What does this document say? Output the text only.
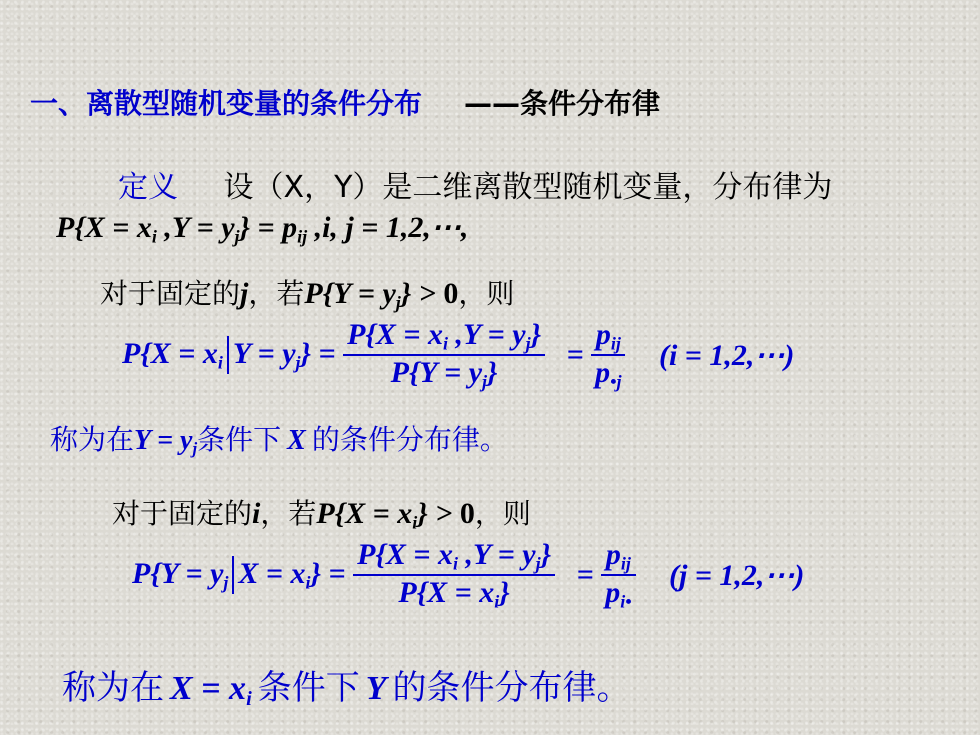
一、离散型随机变量的条件分布 ——条件分布律
定义 设（X，Y）是二维离散型随机变量，分布律为
$P\{X = x_i$ $,Y = y_j\} = p_{ij}$ ,i, j = 1,2,⋯,
对于固定的j，若$P\{Y = y_j\} > 0$，则
$P\{X = x_i$ $Y = y_j\} = \frac{P\{X = x_i ,Y = y_j\}}{P\{Y = y_j\}} = \frac{p_{ij}}{p_{•j}} (i$ = 1,2,⋯)
称为在$Y = y_j$条件下 X 的条件分布律。
对于固定的i，若$P\{X = x_i\} > 0$，则
$P\{Y = y_j$ $X = x_i\} = \frac{P\{X = x_i ,Y = y_j\}}{P\{X = x_i\}} = \frac{p_{ij}}{p_{i•}} (j$ = 1,2,⋯)
称为在 $X = x_i$ 条件下 Y 的条件分布律。
